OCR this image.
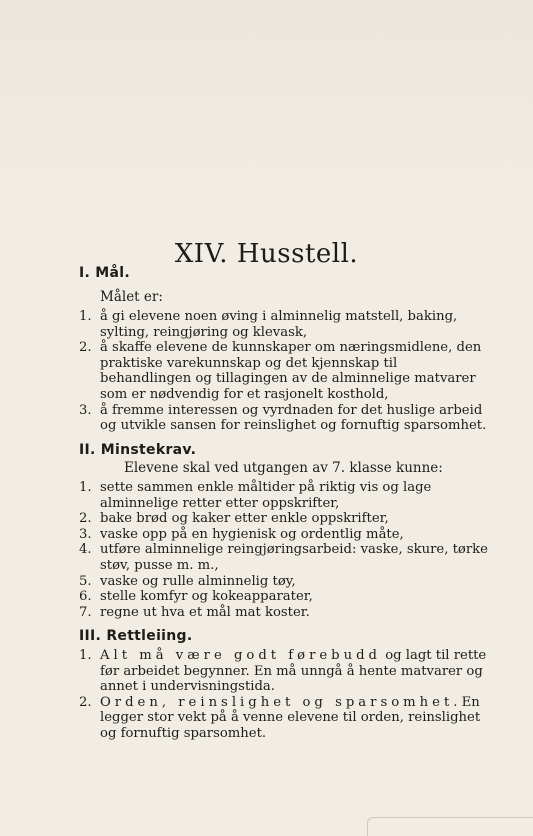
XIV. Husstell.
I. Mål.
Målet er:
1. å gi elevene noen øving i alminnelig matstell, baking, sylting, reingjøring og klevask,
2. å skaffe elevene de kunnskaper om næringsmidlene, den praktiske varekunnskap og det kjennskap til behandlingen og tillagingen av de alminnelige matvarer som er nødvendig for et rasjonelt kosthold,
3. å fremme interessen og vyrdnaden for det huslige arbeid og utvikle sansen for reinslighet og fornuftig sparsomhet.
II. Minstekrav.
Elevene skal ved utgangen av 7. klasse kunne:
1. sette sammen enkle måltider på riktig vis og lage alminnelige retter etter oppskrifter,
2. bake brød og kaker etter enkle oppskrifter,
3. vaske opp på en hygienisk og ordentlig måte,
4. utføre alminnelige reingjøringsarbeid: vaske, skure, tørke støv, pusse m. m.,
5. vaske og rulle alminnelig tøy,
6. stelle komfyr og kokeapparater,
7. regne ut hva et mål mat koster.
III. Rettleiing.
1. Alt må være godt førebudd og lagt til rette før arbeidet begynner. En må unngå å hente matvarer og annet i undervisningstida.
2. Orden, reinslighet og sparsomhet. En legger stor vekt på å venne elevene til orden, reinslighet og fornuftig sparsomhet.
